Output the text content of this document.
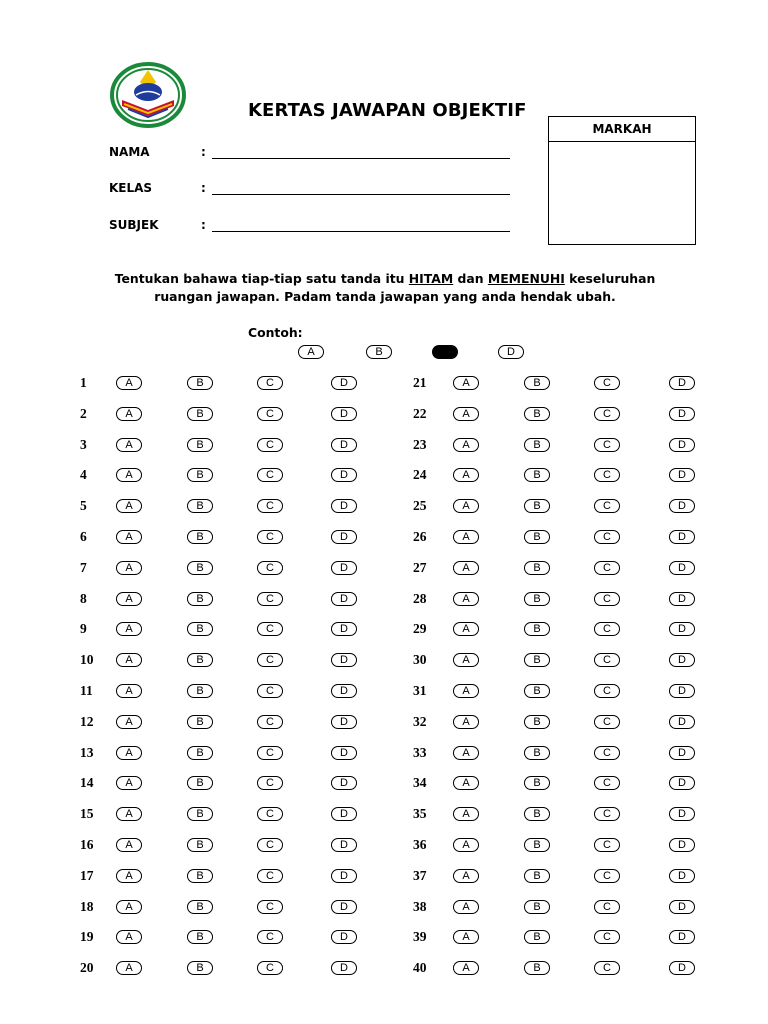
KERTAS JAWAPAN OBJEKTIF
MARKAH
NAMA	:
KELAS	:
SUBJEK	:
Tentukan bahawa tiap-tiap satu tanda itu HITAM dan MEMENUHI keseluruhan
ruangan jawapan. Padam tanda jawapan yang anda hendak ubah.
Contoh:
A	B	D
1	A	B	C	D
2	A	B	C	D
3	A	B	C	D
4	A	B	C	D
5	A	B	C	D
6	A	B	C	D
7	A	B	C	D
8	A	B	C	D
9	A	B	C	D
10	A	B	C	D
11	A	B	C	D
12	A	B	C	D
13	A	B	C	D
14	A	B	C	D
15	A	B	C	D
16	A	B	C	D
17	A	B	C	D
18	A	B	C	D
19	A	B	C	D
20	A	B	C	D
21	A	B	C	D
22	A	B	C	D
23	A	B	C	D
24	A	B	C	D
25	A	B	C	D
26	A	B	C	D
27	A	B	C	D
28	A	B	C	D
29	A	B	C	D
30	A	B	C	D
31	A	B	C	D
32	A	B	C	D
33	A	B	C	D
34	A	B	C	D
35	A	B	C	D
36	A	B	C	D
37	A	B	C	D
38	A	B	C	D
39	A	B	C	D
40	A	B	C	D
